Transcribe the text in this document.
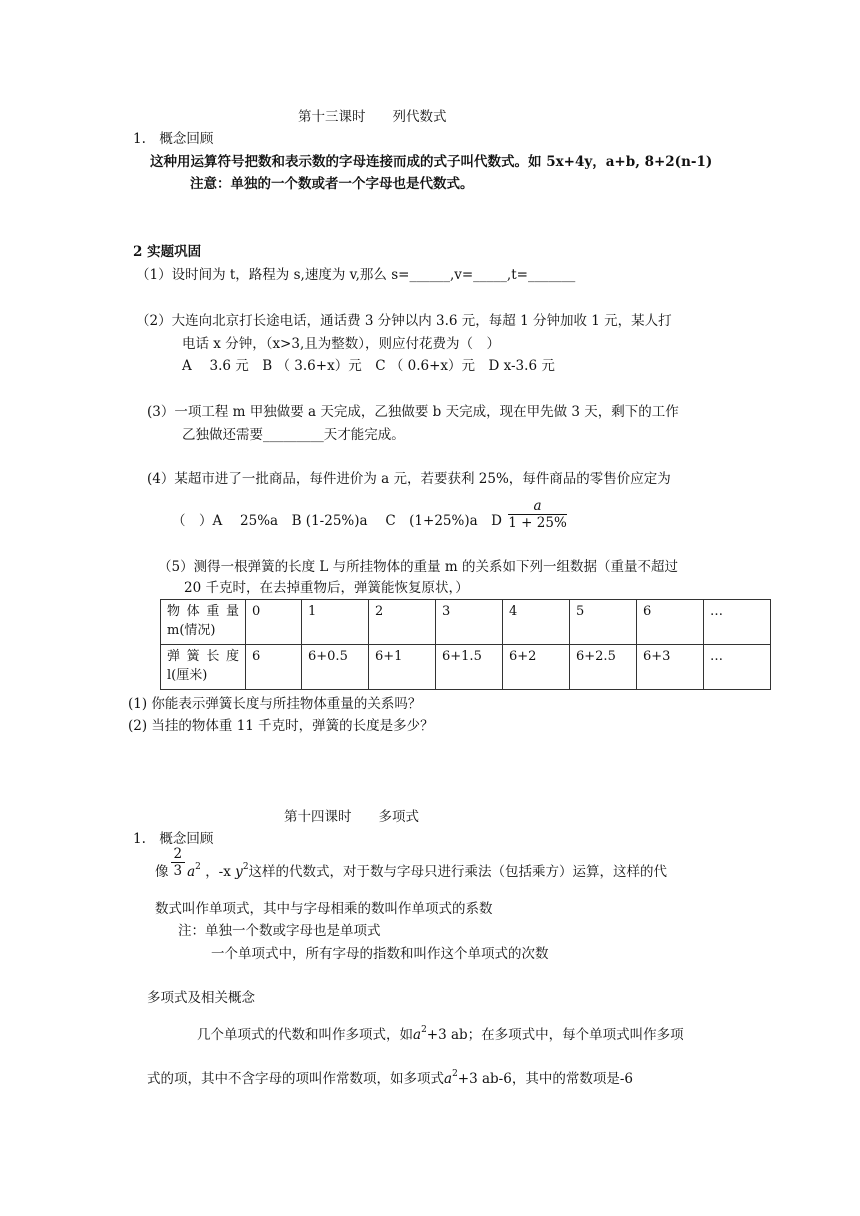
第十三课时　　列代数式
1.　概念回顾
这种用运算符号把数和表示数的字母连接而成的式子叫代数式。如 5x+4y，a+b, 8+2(n-1)
注意：单独的一个数或者一个字母也是代数式。
2 实题巩固
（1）设时间为 t，路程为 s,速度为 v,那么 s=______,v=_____,t=_______
（2）大连向北京打长途电话，通话费 3 分钟以内 3.6 元，每超 1 分钟加收 1 元，某人打
电话 x 分钟，（x>3,且为整数），则应付花费为（　）
A　 3.6 元　B （ 3.6+x）元　C （ 0.6+x）元　D x-3.6 元
(3）一项工程 m 甲独做要 a 天完成，乙独做要 b 天完成，现在甲先做 3 天，剩下的工作
乙独做还需要_________天才能完成。
(4）某超市进了一批商品，每件进价为 a 元，若要获利 25%，每件商品的零售价应定为
（　）A　 25%a　B (1-25%)a　 C　(1+25%)a　D $\frac{a}{1 + 25\%}$
（5）测得一根弹簧的长度 L 与所挂物体的重量 m 的关系如下列一组数据（重量不超过
20 千克时，在去掉重物后，弹簧能恢复原状，）
物体重量
m(情况)	0	1	2	3	4	5	6	…

弹簧长度
l(厘米)	6	6+0.5	6+1	6+1.5	6+2	6+2.5	6+3	…
(1) 你能表示弹簧长度与所挂物体重量的关系吗？
(2) 当挂的物体重 11 千克时，弹簧的长度是多少？
第十四课时　　多项式
1.　概念回顾
像 $\frac{2}{3} a^2$ ，-x $y^2$这样的代数式，对于数与字母只进行乘法（包括乘方）运算，这样的代
数式叫作单项式，其中与字母相乘的数叫作单项式的系数
注：单独一个数或字母也是单项式
一个单项式中，所有字母的指数和叫作这个单项式的次数
多项式及相关概念
几个单项式的代数和叫作多项式，如$a^2+3$ ab；在多项式中，每个单项式叫作多项
式的项，其中不含字母的项叫作常数项，如多项式$a^2+3$ ab-6，其中的常数项是-6
